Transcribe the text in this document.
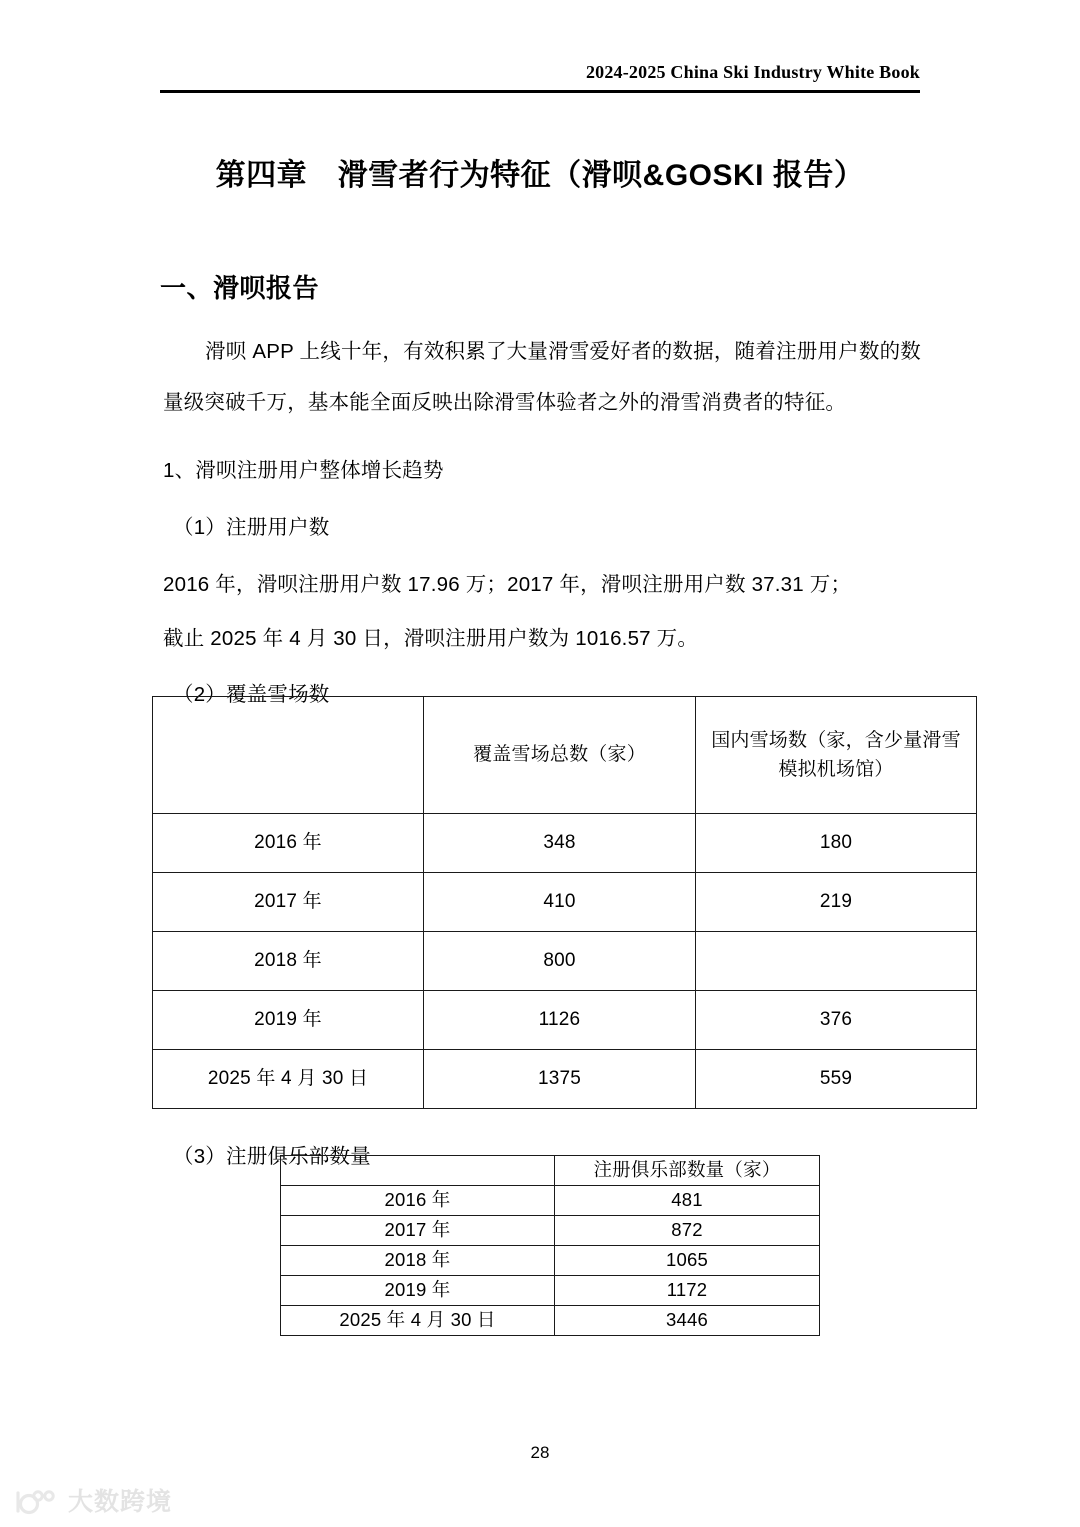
2024-2025 China Ski Industry White Book
第四章　滑雪者行为特征（滑呗&GOSKI 报告）
一、滑呗报告

滑呗 APP 上线十年，有效积累了大量滑雪爱好者的数据，随着注册用户数的数量级突破千万，基本能全面反映出除滑雪体验者之外的滑雪消费者的特征。

1、滑呗注册用户整体增长趋势

（1）注册用户数

2016 年，滑呗注册用户数 17.96 万；2017 年，滑呗注册用户数 37.31 万；

截止 2025 年 4 月 30 日，滑呗注册用户数为 1016.57 万。

（2）覆盖雪场数

	覆盖雪场总数（家）	国内雪场数（家，含少量滑雪模拟机场馆）
2016 年	348	180
2017 年	410	219
2018 年	800	
2019 年	1126	376
2025 年 4 月 30 日	1375	559

（3）注册俱乐部数量

	注册俱乐部数量（家）
2016 年	481
2017 年	872
2018 年	1065
2019 年	1172
2025 年 4 月 30 日	3446
28
大数跨境
